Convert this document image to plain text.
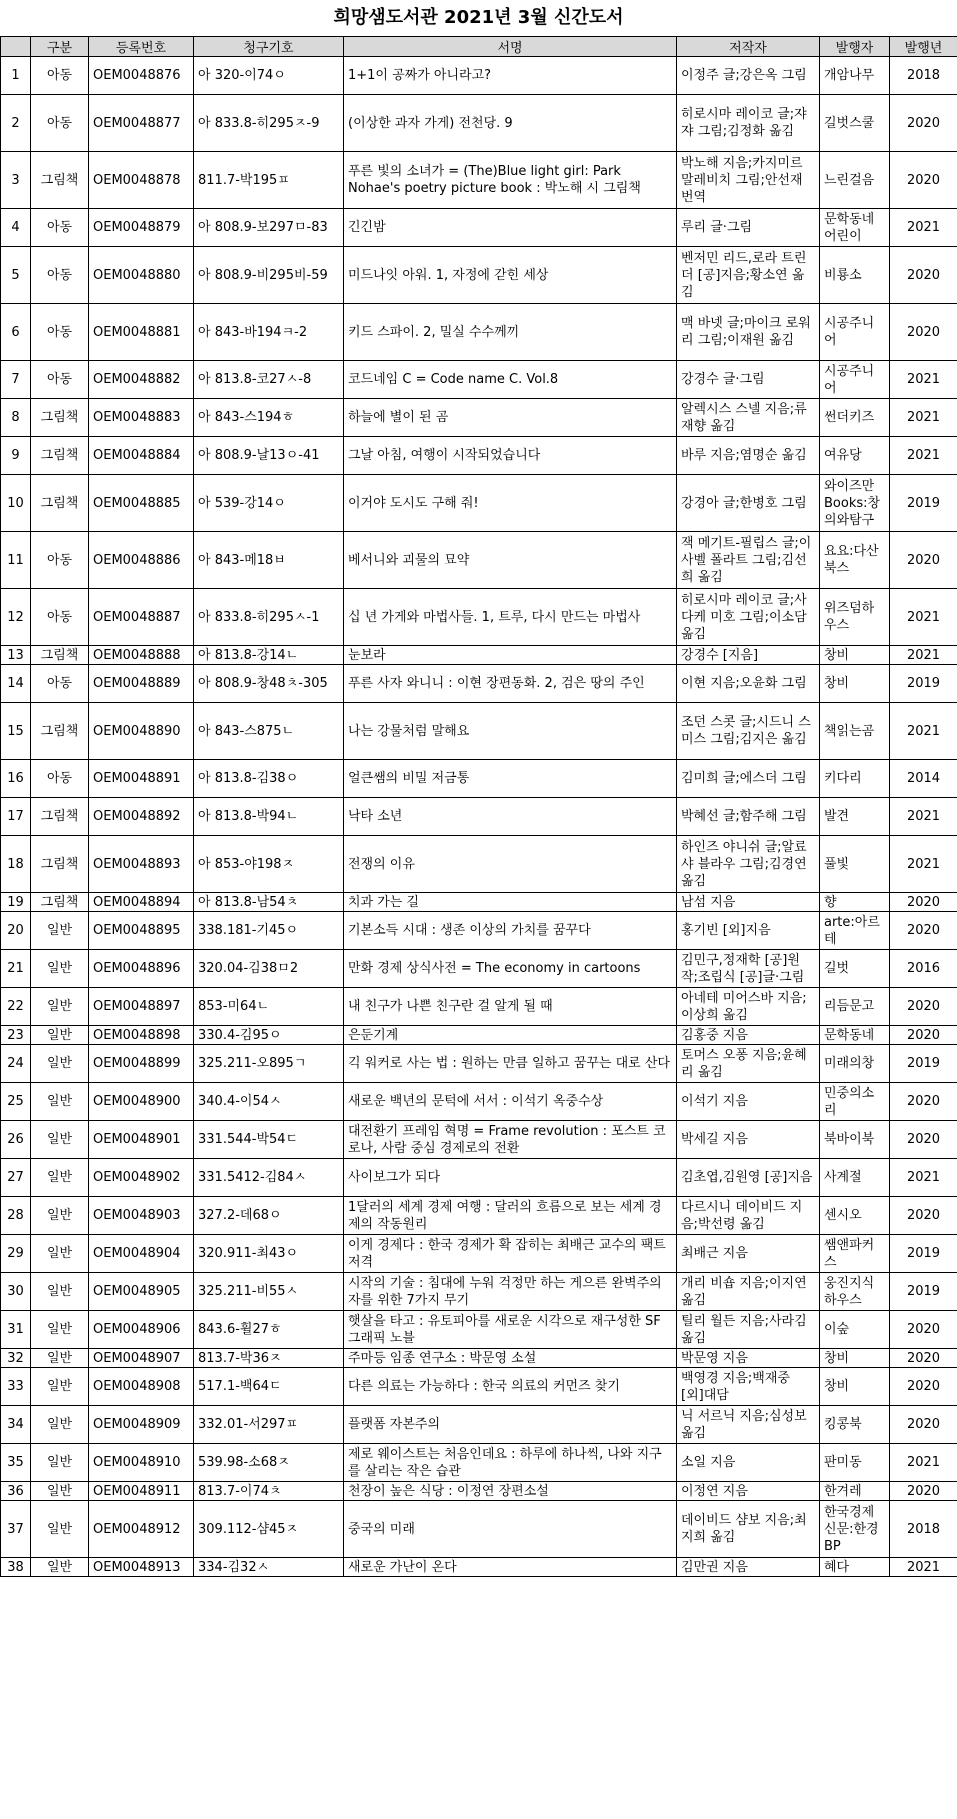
희망샘도서관 2021년 3월 신간도서
	구분	등록번호	청구기호	서명	저작자	발행자	발행년
1	아동	OEM0048876	아 320-이74ㅇ	1+1이 공짜가 아니라고?	이정주 글;강은옥 그림	개암나무	2018
2	아동	OEM0048877	아 833.8-히295ㅈ-9	(이상한 과자 가게) 전천당. 9	히로시마 레이코 글;쟈쟈 그림;김정화 옮김	길벗스쿨	2020
3	그림책	OEM0048878	811.7-박195ㅍ	푸른 빛의 소녀가 = (The)Blue light girl: Park Nohae's poetry picture book : 박노해 시 그림책	박노해 지음;카지미르 말레비치 그림;안선재 번역	느린걸음	2020
4	아동	OEM0048879	아 808.9-보297ㅁ-83	긴긴밤	루리 글·그림	문학동네어린이	2021
5	아동	OEM0048880	아 808.9-비295비-59	미드나잇 아워. 1, 자정에 갇힌 세상	벤저민 리드,로라 트린더 [공]지음;황소연 옮김	비룡소	2020
6	아동	OEM0048881	아 843-바194ㅋ-2	키드 스파이. 2, 밀실 수수께끼	맥 바넷 글;마이크 로워리 그림;이재원 옮김	시공주니어	2020
7	아동	OEM0048882	아 813.8-코27ㅅ-8	코드네임 C = Code name C. Vol.8	강경수 글·그림	시공주니어	2021
8	그림책	OEM0048883	아 843-스194ㅎ	하늘에 별이 된 곰	알렉시스 스넬 지음;류재향 옮김	썬더키즈	2021
9	그림책	OEM0048884	아 808.9-날13ㅇ-41	그날 아침, 여행이 시작되었습니다	바루 지음;염명순 옮김	여유당	2021
10	그림책	OEM0048885	아 539-강14ㅇ	이거야 도시도 구해 줘!	강경아 글;한병호 그림	와이즈만Books:창의와탐구	2019
11	아동	OEM0048886	아 843-메18ㅂ	베서니와 괴물의 묘약	잭 메기트-필립스 글;이사벨 폴라트 그림;김선희 옮김	요요:다산북스	2020
12	아동	OEM0048887	아 833.8-히295ㅅ-1	십 년 가게와 마법사들. 1, 트루, 다시 만드는 마법사	히로시마 레이코 글;사다케 미호 그림;이소담 옮김	위즈덤하우스	2021
13	그림책	OEM0048888	아 813.8-강14ㄴ	눈보라	강경수 [지음]	창비	2021
14	아동	OEM0048889	아 808.9-창48ㅊ-305	푸른 사자 와니니 : 이현 장편동화. 2, 검은 땅의 주인	이현 지음;오윤화 그림	창비	2019
15	그림책	OEM0048890	아 843-스875ㄴ	나는 강물처럼 말해요	조던 스콧 글;시드니 스미스 그림;김지은 옮김	책읽는곰	2021
16	아동	OEM0048891	아 813.8-김38ㅇ	얼큰쌤의 비밀 저금통	김미희 글;에스더 그림	키다리	2014
17	그림책	OEM0048892	아 813.8-박94ㄴ	낙타 소년	박혜선 글;함주해 그림	발견	2021
18	그림책	OEM0048893	아 853-야198ㅈ	전쟁의 이유	하인즈 야니쉬 글;알료샤 블라우 그림;김경연 옮김	풀빛	2021
19	그림책	OEM0048894	아 813.8-남54ㅊ	치과 가는 길	남섬 지음	향	2020
20	일반	OEM0048895	338.181-기45ㅇ	기본소득 시대 : 생존 이상의 가치를 꿈꾸다	홍기빈 [외]지음	arte:아르테	2020
21	일반	OEM0048896	320.04-김38ㅁ2	만화 경제 상식사전 = The economy in cartoons	김민구,정재학 [공]원작;조립식 [공]글·그림	길벗	2016
22	일반	OEM0048897	853-미64ㄴ	내 친구가 나쁜 친구란 걸 알게 될 때	아네테 미어스바 지음;이상희 옮김	리듬문고	2020
23	일반	OEM0048898	330.4-김95ㅇ	은둔기계	김홍중 지음	문학동네	2020
24	일반	OEM0048899	325.211-오895ㄱ	긱 워커로 사는 법 : 원하는 만큼 일하고 꿈꾸는 대로 산다	토머스 오퐁 지음;윤혜리 옮김	미래의창	2019
25	일반	OEM0048900	340.4-이54ㅅ	새로운 백년의 문턱에 서서 : 이석기 옥중수상	이석기 지음	민중의소리	2020
26	일반	OEM0048901	331.544-박54ㄷ	대전환기 프레임 혁명 = Frame revolution : 포스트 코로나, 사람 중심 경제로의 전환	박세길 지음	북바이북	2020
27	일반	OEM0048902	331.5412-김84ㅅ	사이보그가 되다	김초엽,김원영 [공]지음	사계절	2021
28	일반	OEM0048903	327.2-데68ㅇ	1달러의 세계 경제 여행 : 달러의 흐름으로 보는 세계 경제의 작동원리	다르시니 데이비드 지음;박선령 옮김	센시오	2020
29	일반	OEM0048904	320.911-최43ㅇ	이게 경제다 : 한국 경제가 확 잡히는 최배근 교수의 팩트 저격	최배근 지음	쌤앤파커스	2019
30	일반	OEM0048905	325.211-비55ㅅ	시작의 기술 : 침대에 누워 걱정만 하는 게으른 완벽주의자를 위한 7가지 무기	개리 비숍 지음;이지연 옮김	웅진지식하우스	2019
31	일반	OEM0048906	843.6-휠27ㅎ	햇살을 타고 : 유토피아를 새로운 시각으로 재구성한 SF 그래픽 노블	틸리 월든 지음;사라김 옮김	이숲	2020
32	일반	OEM0048907	813.7-박36ㅈ	주마등 임종 연구소 : 박문영 소설	박문영 지음	창비	2020
33	일반	OEM0048908	517.1-백64ㄷ	다른 의료는 가능하다 : 한국 의료의 커먼즈 찾기	백영경 지음;백재중 [외]대담	창비	2020
34	일반	OEM0048909	332.01-서297ㅍ	플랫폼 자본주의	닉 서르닉 지음;심성보 옮김	킹콩북	2020
35	일반	OEM0048910	539.98-소68ㅈ	제로 웨이스트는 처음인데요 : 하루에 하나씩, 나와 지구를 살리는 작은 습관	소일 지음	판미동	2021
36	일반	OEM0048911	813.7-이74ㅊ	천장이 높은 식당 : 이정연 장편소설	이정연 지음	한겨레	2020
37	일반	OEM0048912	309.112-샴45ㅈ	중국의 미래	데이비드 샴보 지음;최지희 옮김	한국경제신문:한경BP	2018
38	일반	OEM0048913	334-김32ㅅ	새로운 가난이 온다	김만권 지음	혜다	2021
